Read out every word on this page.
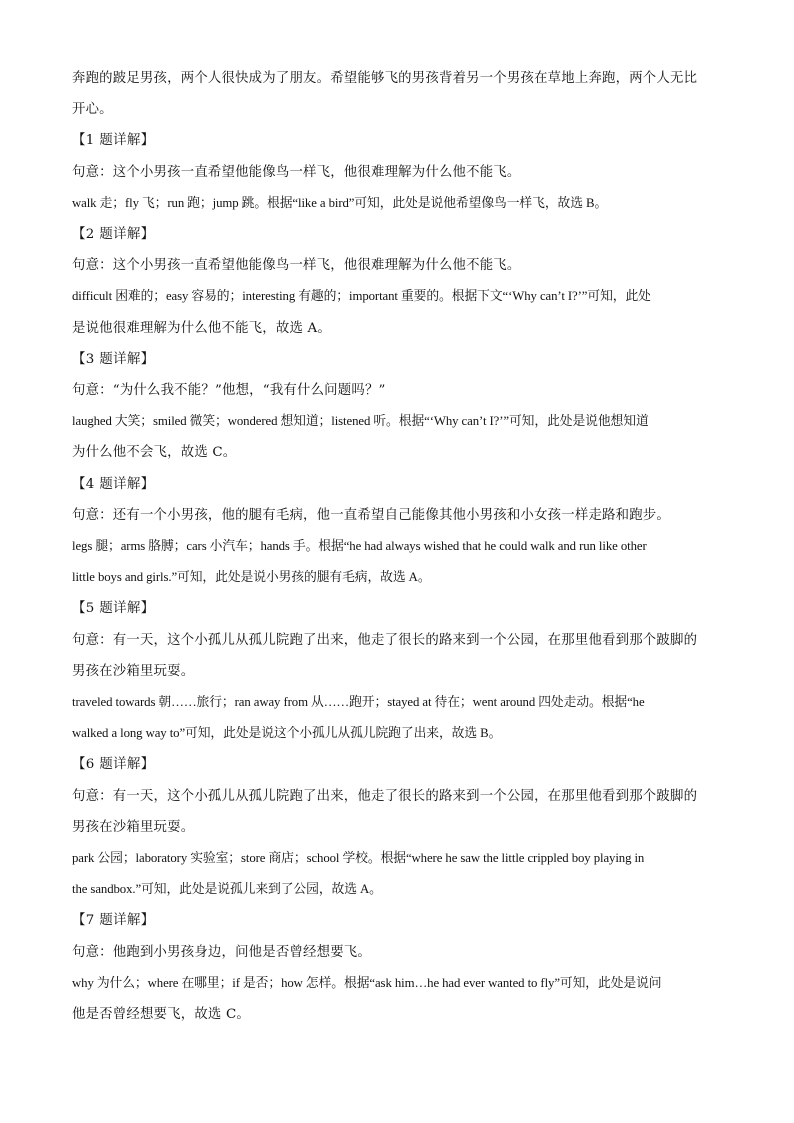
奔跑的跛足男孩，两个人很快成为了朋友。希望能够飞的男孩背着另一个男孩在草地上奔跑，两个人无比
开心。
【1 题详解】
句意：这个小男孩一直希望他能像鸟一样飞，他很难理解为什么他不能飞。
walk 走；fly 飞；run 跑；jump 跳。根据“like a bird”可知，此处是说他希望像鸟一样飞，故选 B。
【2 题详解】
句意：这个小男孩一直希望他能像鸟一样飞，他很难理解为什么他不能飞。
difficult 困难的；easy 容易的；interesting 有趣的；important 重要的。根据下文“‘Why can’t I?’”可知，此处
是说他很难理解为什么他不能飞，故选 A。
【3 题详解】
句意：“为什么我不能？”他想，“我有什么问题吗？”
laughed 大笑；smiled 微笑；wondered 想知道；listened 听。根据“‘Why can’t I?’”可知，此处是说他想知道
为什么他不会飞，故选 C。
【4 题详解】
句意：还有一个小男孩，他的腿有毛病，他一直希望自己能像其他小男孩和小女孩一样走路和跑步。
legs 腿；arms 胳膊；cars 小汽车；hands 手。根据“he had always wished that he could walk and run like other
little boys and girls.”可知，此处是说小男孩的腿有毛病，故选 A。
【5 题详解】
句意：有一天，这个小孤儿从孤儿院跑了出来，他走了很长的路来到一个公园，在那里他看到那个跛脚的
男孩在沙箱里玩耍。
traveled towards 朝……旅行；ran away from 从……跑开；stayed at 待在；went around 四处走动。根据“he
walked a long way to”可知，此处是说这个小孤儿从孤儿院跑了出来，故选 B。
【6 题详解】
句意：有一天，这个小孤儿从孤儿院跑了出来，他走了很长的路来到一个公园，在那里他看到那个跛脚的
男孩在沙箱里玩耍。
park 公园；laboratory 实验室；store 商店；school 学校。根据“where he saw the little crippled boy playing in
the sandbox.”可知，此处是说孤儿来到了公园，故选 A。
【7 题详解】
句意：他跑到小男孩身边，问他是否曾经想要飞。
why 为什么；where 在哪里；if 是否；how 怎样。根据“ask him…he had ever wanted to fly”可知，此处是说问
他是否曾经想要飞，故选 C。
